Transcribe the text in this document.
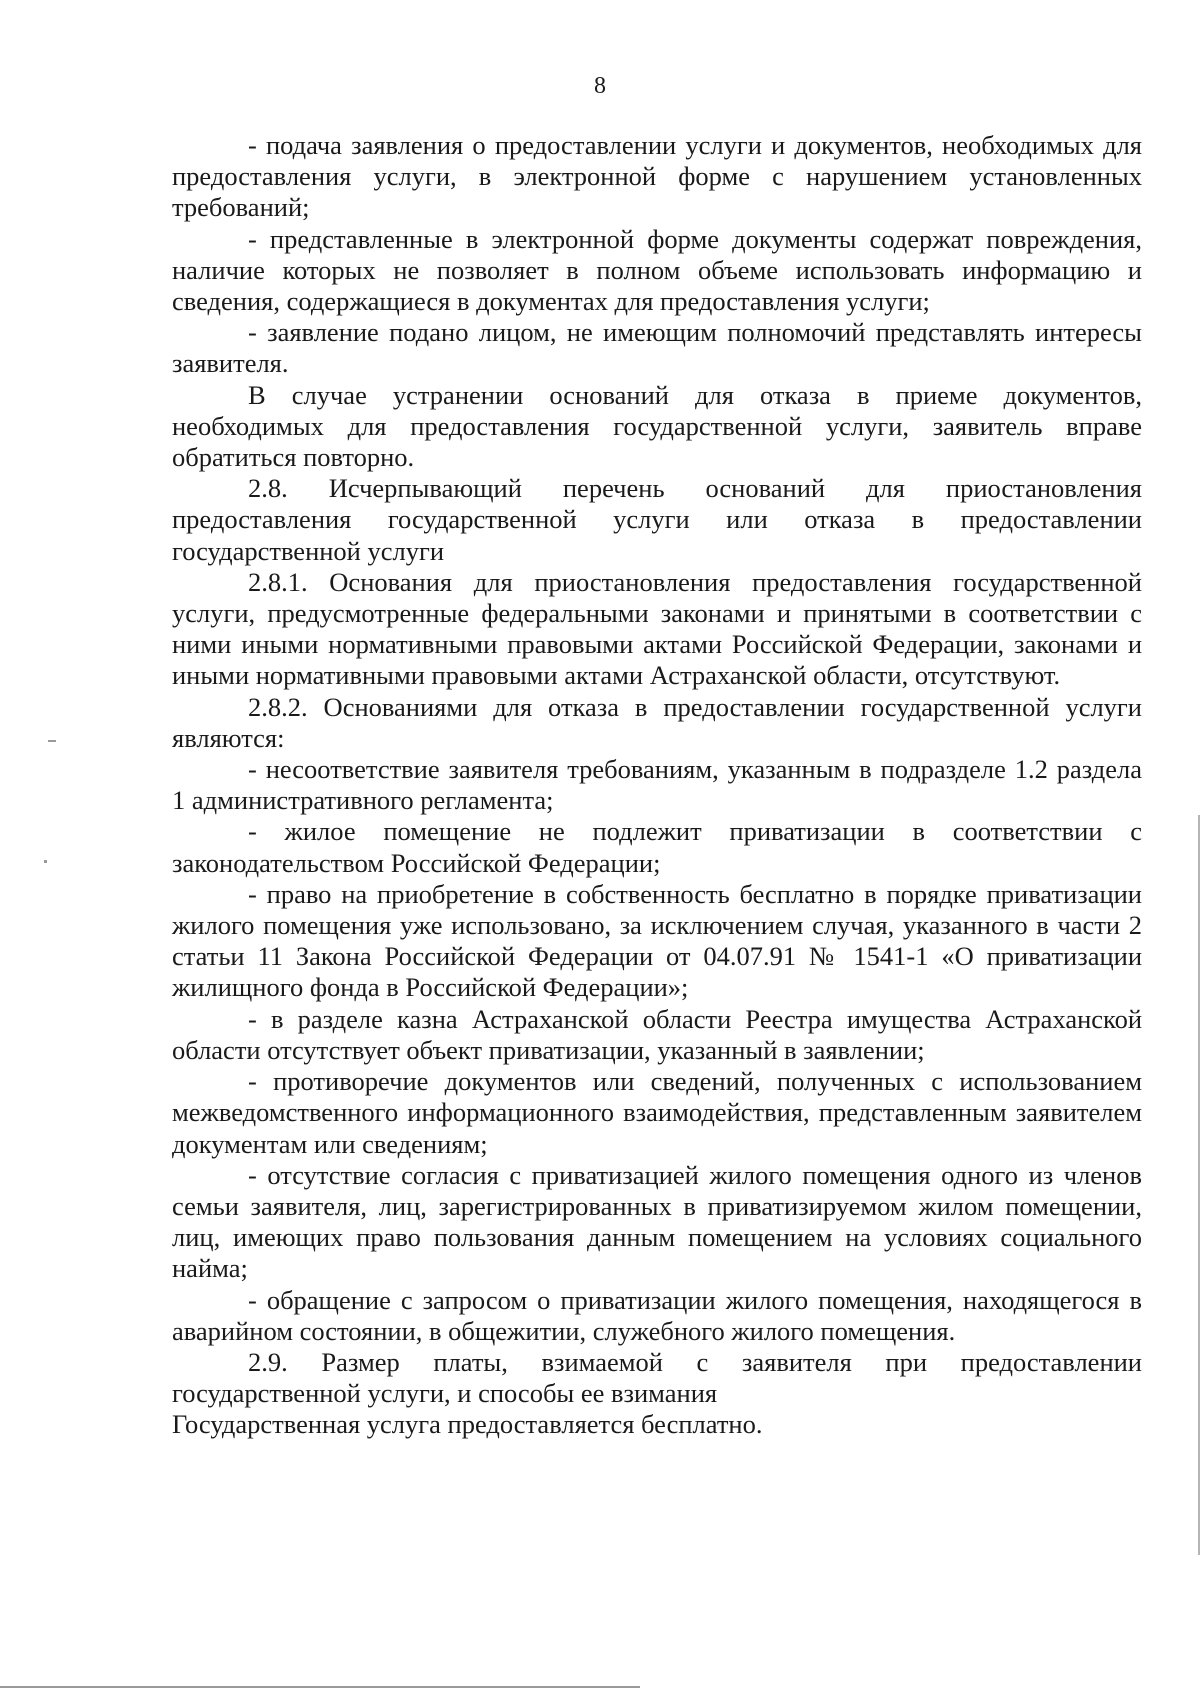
8

- подача заявления о предоставлении услуги и документов, необходимых для предоставления услуги, в электронной форме с нарушением установленных требований;

- представленные в электронной форме документы содержат повреждения, наличие которых не позволяет в полном объеме использовать информацию и сведения, содержащиеся в документах для предоставления услуги;

- заявление подано лицом, не имеющим полномочий представлять интересы заявителя.

В случае устранении оснований для отказа в приеме документов, необходимых для предоставления государственной услуги, заявитель вправе обратиться повторно.

2.8. Исчерпывающий перечень оснований для приостановления предоставления государственной услуги или отказа в предоставлении государственной услуги

2.8.1. Основания для приостановления предоставления государственной услуги, предусмотренные федеральными законами и принятыми в соответствии с ними иными нормативными правовыми актами Российской Федерации, законами и иными нормативными правовыми актами Астраханской области, отсутствуют.

2.8.2. Основаниями для отказа в предоставлении государственной услуги являются:

- несоответствие заявителя требованиям, указанным в подразделе 1.2 раздела 1 административного регламента;

- жилое помещение не подлежит приватизации в соответствии с законодательством Российской Федерации;

- право на приобретение в собственность бесплатно в порядке приватизации жилого помещения уже использовано, за исключением случая, указанного в части 2 статьи 11 Закона Российской Федерации от 04.07.91 № 1541-1 «О приватизации жилищного фонда в Российской Федерации»;

- в разделе казна Астраханской области Реестра имущества Астраханской области отсутствует объект приватизации, указанный в заявлении;

- противоречие документов или сведений, полученных с использованием межведомственного информационного взаимодействия, представленным заявителем документам или сведениям;

- отсутствие согласия с приватизацией жилого помещения одного из членов семьи заявителя, лиц, зарегистрированных в приватизируемом жилом помещении, лиц, имеющих право пользования данным помещением на условиях социального найма;

- обращение с запросом о приватизации жилого помещения, находящегося в аварийном состоянии, в общежитии, служебного жилого помещения.

2.9. Размер платы, взимаемой с заявителя при предоставлении государственной услуги, и способы ее взимания

Государственная услуга предоставляется бесплатно.
